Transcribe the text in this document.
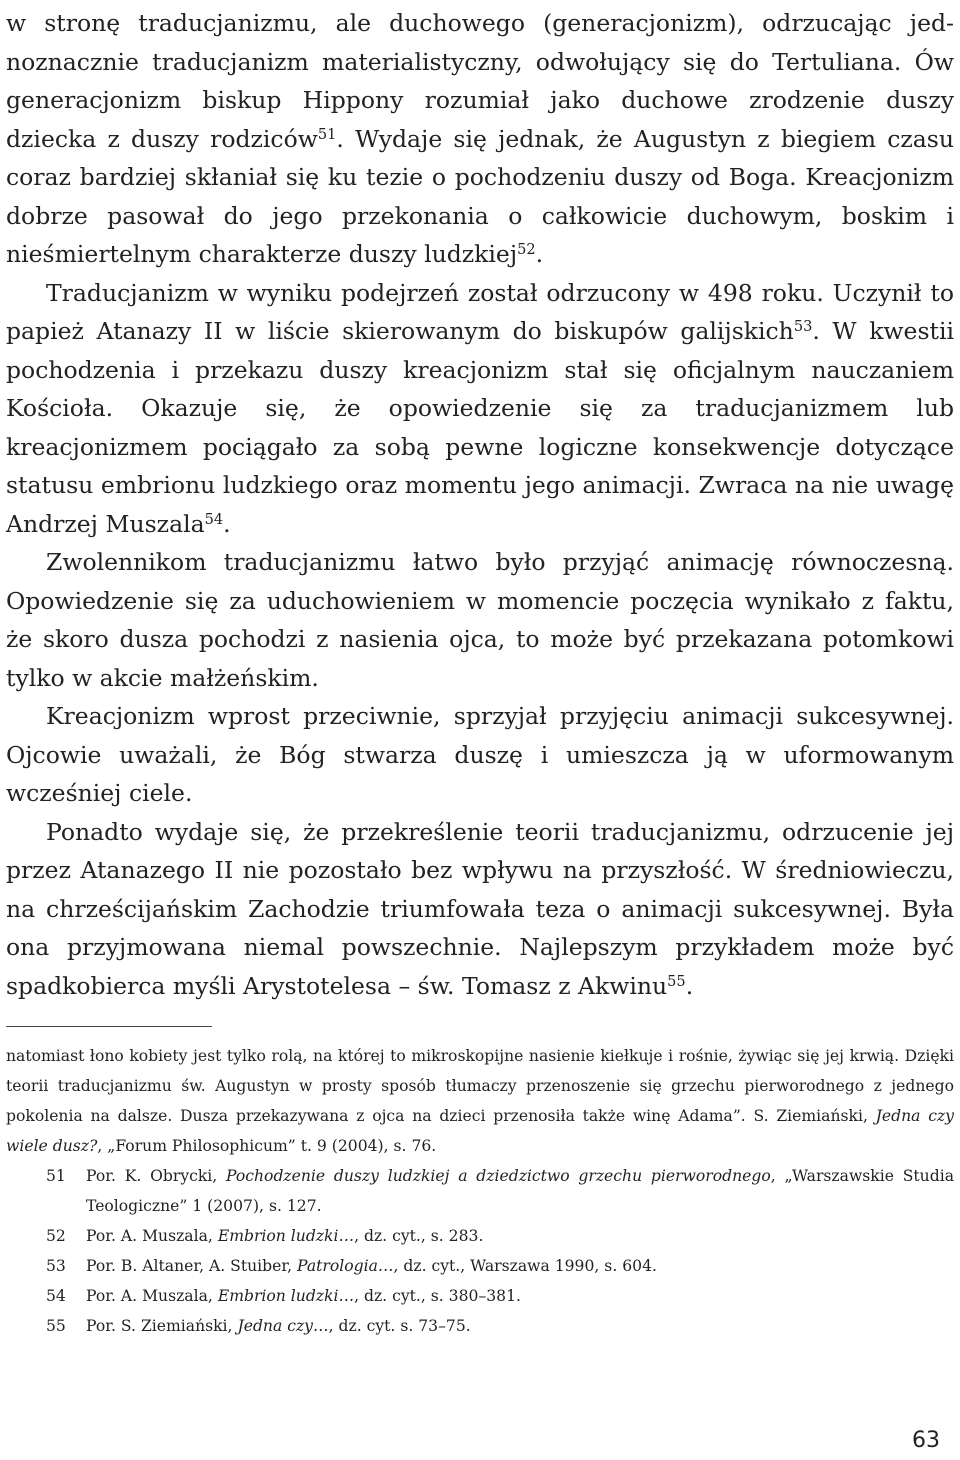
w stronę traducjanizmu, ale duchowego (generacjonizm), odrzucając jednoznacznie traducjanizm materialistyczny, odwołujący się do Tertuliana. Ów generacjonizm biskup Hippony rozumiał jako duchowe zrodzenie duszy dziecka z duszy rodziców$^{51}$. Wydaje się jednak, że Augustyn z biegiem czasu coraz bardziej skłaniał się ku tezie o pochodzeniu duszy od Boga. Kreacjonizm dobrze pasował do jego przekonania o całkowicie duchowym, boskim i nieśmiertelnym charakterze duszy ludzkiej$^{52}$.

Traducjanizm w wyniku podejrzeń został odrzucony w 498 roku. Uczynił to papież Atanazy II w liście skierowanym do biskupów galijskich$^{53}$. W kwestii pochodzenia i przekazu duszy kreacjonizm stał się oficjalnym nauczaniem Kościoła. Okazuje się, że opowiedzenie się za traducjanizmem lub kreacjonizmem pociągało za sobą pewne logiczne konsekwencje dotyczące statusu embrionu ludzkiego oraz momentu jego animacji. Zwraca na nie uwagę Andrzej Muszala$^{54}$.

Zwolennikom traducjanizmu łatwo było przyjąć animację równoczesną. Opowiedzenie się za uduchowieniem w momencie poczęcia wynikało z faktu, że skoro dusza pochodzi z nasienia ojca, to może być przekazana potomkowi tylko w akcie małżeńskim.

Kreacjonizm wprost przeciwnie, sprzyjał przyjęciu animacji sukcesywnej. Ojcowie uważali, że Bóg stwarza duszę i umieszcza ją w uformowanym wcześniej ciele.

Ponadto wydaje się, że przekreślenie teorii traducjanizmu, odrzucenie jej przez Atanazego II nie pozostało bez wpływu na przyszłość. W średniowieczu, na chrześcijańskim Zachodzie triumfowała teza o animacji sukcesywnej. Była ona przyjmowana niemal powszechnie. Najlepszym przykładem może być spadkobierca myśli Arystotelesa – św. Tomasz z Akwinu$^{55}$.

natomiast łono kobiety jest tylko rolą, na której to mikroskopijne nasienie kiełkuje i rośnie, żywiąc się jej krwią. Dzięki teorii traducjanizmu św. Augustyn w prosty sposób tłumaczy przenoszenie się grzechu pierworodnego z jednego pokolenia na dalsze. Dusza przekazywana z ojca na dzieci przenosiła także winę Adama”. S. Ziemiański, Jedna czy wiele dusz?, „Forum Philosophicum” t. 9 (2004), s. 76.

51 Por. K. Obrycki, Pochodzenie duszy ludzkiej a dziedzictwo grzechu pierworodnego, „Warszawskie Studia Teologiczne” 1 (2007), s. 127.

52 Por. A. Muszala, Embrion ludzki…, dz. cyt., s. 283.

53 Por. B. Altaner, A. Stuiber, Patrologia…, dz. cyt., Warszawa 1990, s. 604.

54 Por. A. Muszala, Embrion ludzki…, dz. cyt., s. 380–381.

55 Por. S. Ziemiański, Jedna czy…, dz. cyt. s. 73–75.

63
